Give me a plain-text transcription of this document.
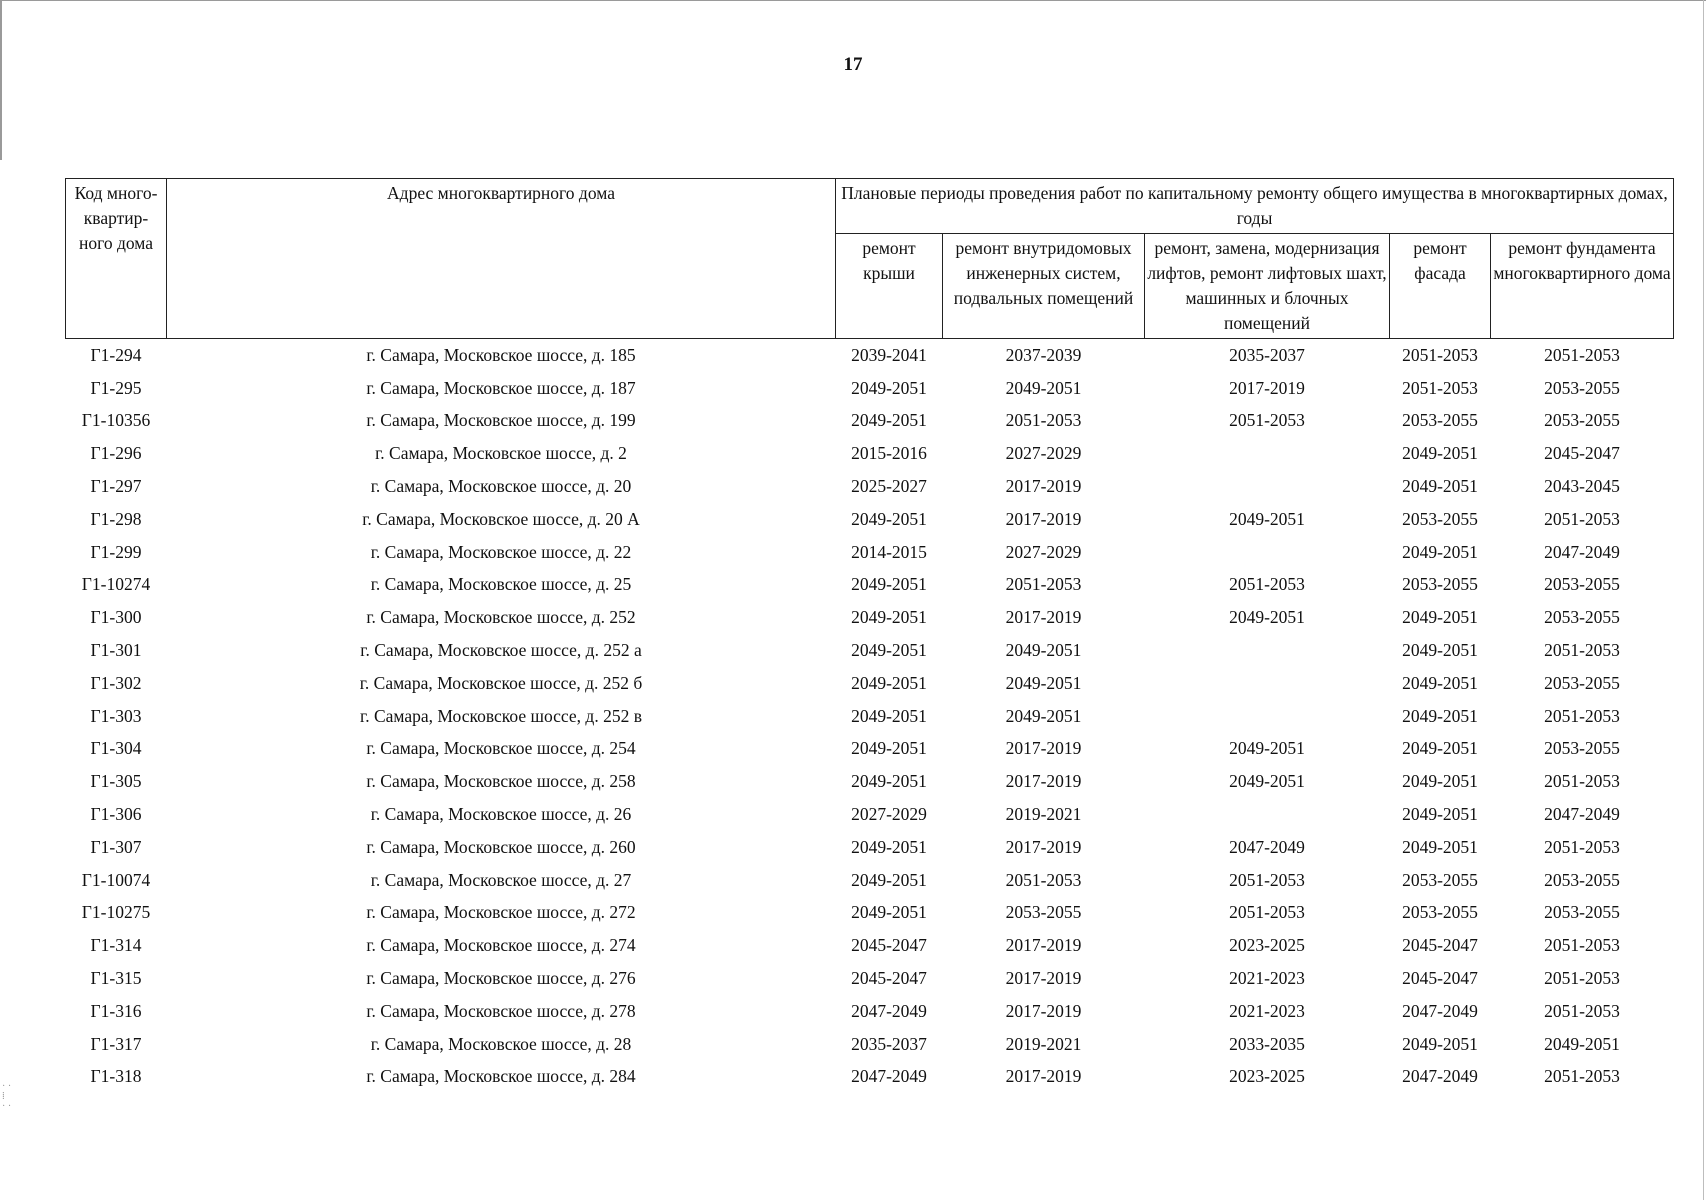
17
Код много-квартир-ного дома	Адрес многоквартирного дома	Плановые периоды проведения работ по капитальному ремонту общего имущества в многоквартирных домах, годы				
		ремонт крыши	ремонт внутридомовых инженерных систем, подвальных помещений	ремонт, замена, модернизация лифтов, ремонт лифтовых шахт, машинных и блочных помещений	ремонт фасада	ремонт фундамента многоквартирного дома
Г1-294	г. Самара, Московское шоссе, д. 185	2039-2041	2037-2039	2035-2037	2051-2053	2051-2053
Г1-295	г. Самара, Московское шоссе, д. 187	2049-2051	2049-2051	2017-2019	2051-2053	2053-2055
Г1-10356	г. Самара, Московское шоссе, д. 199	2049-2051	2051-2053	2051-2053	2053-2055	2053-2055
Г1-296	г. Самара, Московское шоссе, д. 2	2015-2016	2027-2029		2049-2051	2045-2047
Г1-297	г. Самара, Московское шоссе, д. 20	2025-2027	2017-2019		2049-2051	2043-2045
Г1-298	г. Самара, Московское шоссе, д. 20 А	2049-2051	2017-2019	2049-2051	2053-2055	2051-2053
Г1-299	г. Самара, Московское шоссе, д. 22	2014-2015	2027-2029		2049-2051	2047-2049
Г1-10274	г. Самара, Московское шоссе, д. 25	2049-2051	2051-2053	2051-2053	2053-2055	2053-2055
Г1-300	г. Самара, Московское шоссе, д. 252	2049-2051	2017-2019	2049-2051	2049-2051	2053-2055
Г1-301	г. Самара, Московское шоссе, д. 252 а	2049-2051	2049-2051		2049-2051	2051-2053
Г1-302	г. Самара, Московское шоссе, д. 252 б	2049-2051	2049-2051		2049-2051	2053-2055
Г1-303	г. Самара, Московское шоссе, д. 252 в	2049-2051	2049-2051		2049-2051	2051-2053
Г1-304	г. Самара, Московское шоссе, д. 254	2049-2051	2017-2019	2049-2051	2049-2051	2053-2055
Г1-305	г. Самара, Московское шоссе, д. 258	2049-2051	2017-2019	2049-2051	2049-2051	2051-2053
Г1-306	г. Самара, Московское шоссе, д. 26	2027-2029	2019-2021		2049-2051	2047-2049
Г1-307	г. Самара, Московское шоссе, д. 260	2049-2051	2017-2019	2047-2049	2049-2051	2051-2053
Г1-10074	г. Самара, Московское шоссе, д. 27	2049-2051	2051-2053	2051-2053	2053-2055	2053-2055
Г1-10275	г. Самара, Московское шоссе, д. 272	2049-2051	2053-2055	2051-2053	2053-2055	2053-2055
Г1-314	г. Самара, Московское шоссе, д. 274	2045-2047	2017-2019	2023-2025	2045-2047	2051-2053
Г1-315	г. Самара, Московское шоссе, д. 276	2045-2047	2017-2019	2021-2023	2045-2047	2051-2053
Г1-316	г. Самара, Московское шоссе, д. 278	2047-2049	2017-2019	2021-2023	2047-2049	2051-2053
Г1-317	г. Самара, Московское шоссе, д. 28	2035-2037	2019-2021	2033-2035	2049-2051	2049-2051
Г1-318	г. Самара, Московское шоссе, д. 284	2047-2049	2017-2019	2023-2025	2047-2049	2051-2053
· ·
⁞
· ·
